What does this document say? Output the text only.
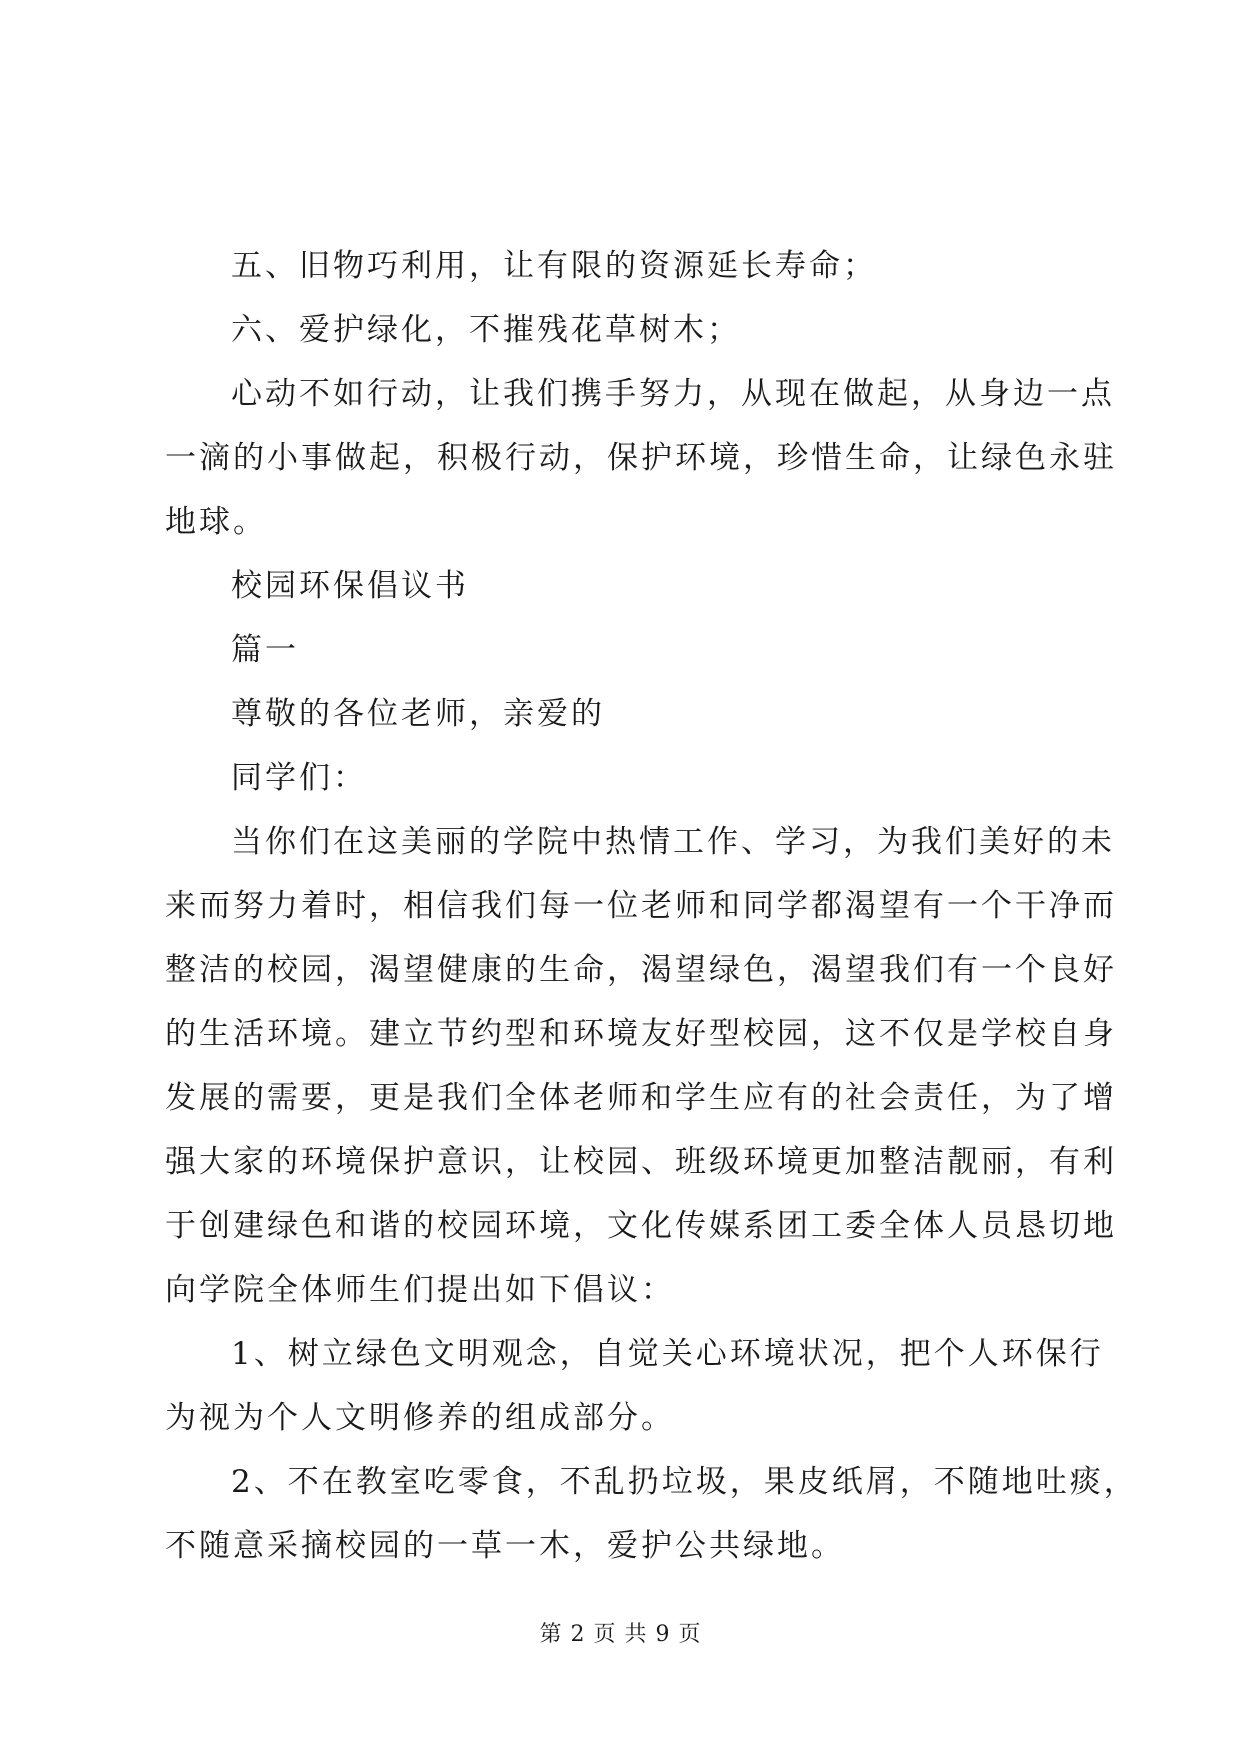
五、旧物巧利用，让有限的资源延长寿命；
六、爱护绿化，不摧残花草树木；
心动不如行动，让我们携手努力，从现在做起，从身边一点
一滴的小事做起，积极行动，保护环境，珍惜生命，让绿色永驻
地球。
校园环保倡议书
篇一
尊敬的各位老师，亲爱的
同学们：
当你们在这美丽的学院中热情工作、学习，为我们美好的未
来而努力着时，相信我们每一位老师和同学都渴望有一个干净而
整洁的校园，渴望健康的生命，渴望绿色，渴望我们有一个良好
的生活环境。建立节约型和环境友好型校园，这不仅是学校自身
发展的需要，更是我们全体老师和学生应有的社会责任，为了增
强大家的环境保护意识，让校园、班级环境更加整洁靓丽，有利
于创建绿色和谐的校园环境，文化传媒系团工委全体人员恳切地
向学院全体师生们提出如下倡议：
1、树立绿色文明观念，自觉关心环境状况，把个人环保行
为视为个人文明修养的组成部分。
2、不在教室吃零食，不乱扔垃圾，果皮纸屑，不随地吐痰，
不随意采摘校园的一草一木，爱护公共绿地。
第 2 页 共 9 页
